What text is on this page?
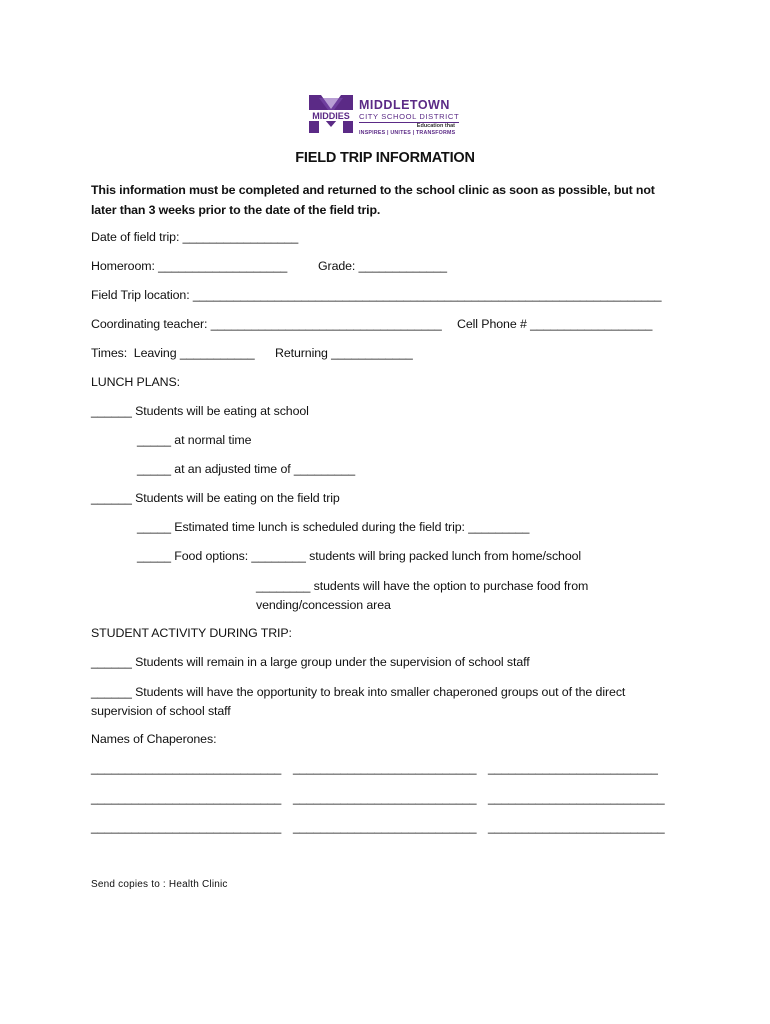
MIDDIES
MIDDLETOWN
CITY SCHOOL DISTRICT
Education that
INSPIRES | UNITES | TRANSFORMS
FIELD TRIP INFORMATION
This information must be completed and returned to the school clinic as soon as possible, but not later than 3 weeks prior to the date of the field trip.
Date of field trip: _________________
Homeroom: ___________________ Grade: _____________
Field Trip location: _____________________________________________________________________
Coordinating teacher: __________________________________ Cell Phone # __________________
Times:  Leaving ___________ Returning ____________
LUNCH PLANS:
______ Students will be eating at school
_____ at normal time
_____ at an adjusted time of _________
______ Students will be eating on the field trip
_____ Estimated time lunch is scheduled during the field trip: _________
_____ Food options: ________ students will bring packed lunch from home/school
________ students will have the option to purchase food from vending/concession area
STUDENT ACTIVITY DURING TRIP:
______ Students will remain in a large group under the supervision of school staff
______ Students will have the opportunity to break into smaller chaperoned groups out of the direct supervision of school staff
Names of Chaperones:
____________________________ ___________________________ _________________________
____________________________ ___________________________ __________________________
____________________________ ___________________________ __________________________
Send copies to : Health Clinic
